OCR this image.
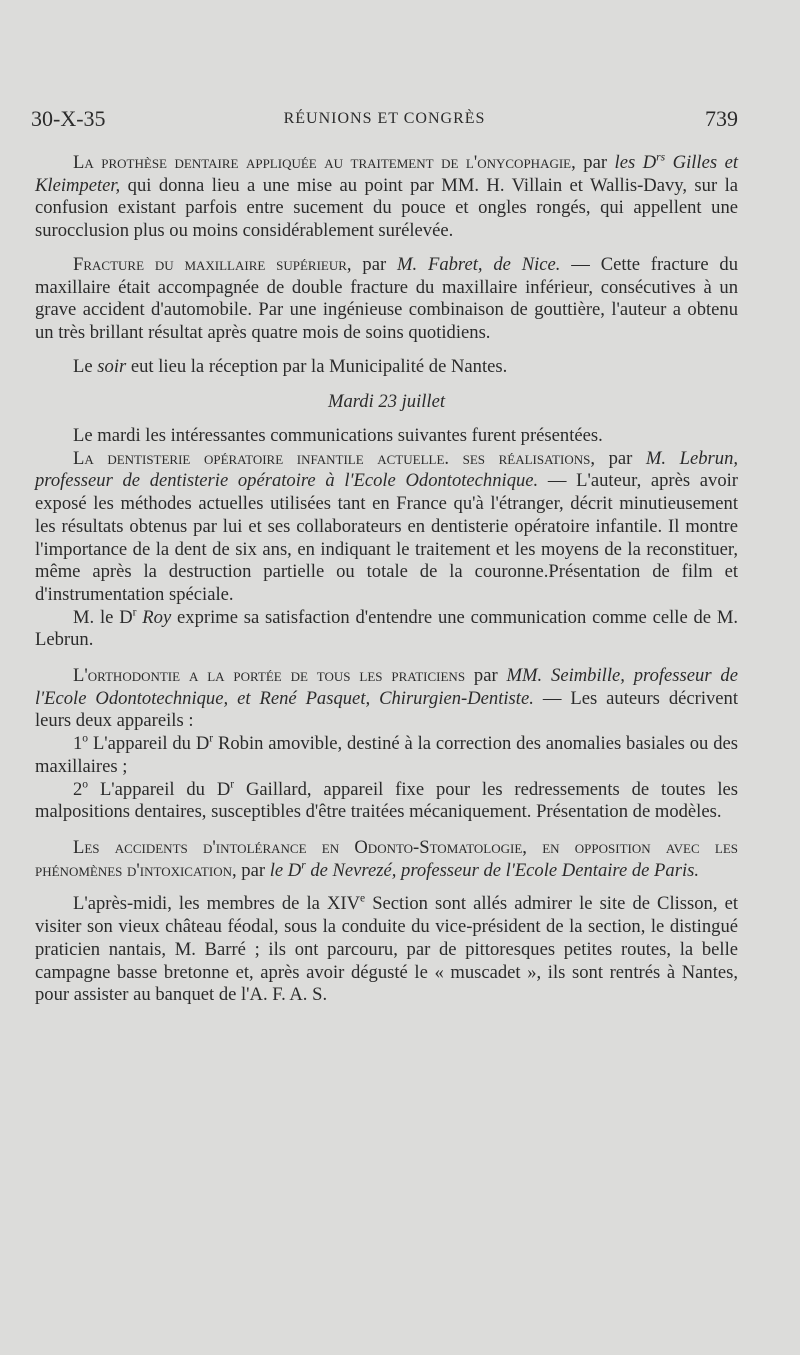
30-X-35	RÉUNIONS ET CONGRÈS	739

La prothèse dentaire appliquée au traitement de l'onycophagie, par les $D^{rs}$ Gilles et Kleimpeter, qui donna lieu a une mise au point par MM. H. Villain et Wallis-Davy, sur la confusion existant parfois entre sucement du pouce et ongles rongés, qui appellent une surocclusion plus ou moins considérablement surélevée.

Fracture du maxillaire supérieur, par M. Fabret, de Nice. — Cette fracture du maxillaire était accompagnée de double fracture du maxillaire inférieur, consécutives à un grave accident d'automobile. Par une ingénieuse combinaison de gouttière, l'auteur a obtenu un très brillant résultat après quatre mois de soins quotidiens.

Le soir eut lieu la réception par la Municipalité de Nantes.

Mardi 23 juillet

Le mardi les intéressantes communications suivantes furent présentées.

La dentisterie opératoire infantile actuelle. ses réalisations, par M. Lebrun, professeur de dentisterie opératoire à l'Ecole Odontotechnique. — L'auteur, après avoir exposé les méthodes actuelles utilisées tant en France qu'à l'étranger, décrit minutieusement les résultats obtenus par lui et ses collaborateurs en dentisterie opératoire infantile. Il montre l'importance de la dent de six ans, en indiquant le traitement et les moyens de la reconstituer, même après la destruction partielle ou totale de la couronne.Présentation de film et d'instrumentation spéciale.

M. le $D^r$ Roy exprime sa satisfaction d'entendre une communication comme celle de M. Lebrun.

L'orthodontie a la portée de tous les praticiens par MM. Seimbille, professeur de l'Ecole Odontotechnique, et René Pasquet, Chirurgien-Dentiste. — Les auteurs décrivent leurs deux appareils :

1$^o$ L'appareil du $D^r$ Robin amovible, destiné à la correction des anomalies basiales ou des maxillaires ;

2$^o$ L'appareil du $D^r$ Gaillard, appareil fixe pour les redressements de toutes les malpositions dentaires, susceptibles d'être traitées mécaniquement. Présentation de modèles.

Les accidents d'intolérance en Odonto-Stomatologie, en opposition avec les phénomènes d'intoxication, par le $D^r$ de Nevrezé, professeur de l'Ecole Dentaire de Paris.

L'après-midi, les membres de la XIVe Section sont allés admirer le site de Clisson, et visiter son vieux château féodal, sous la conduite du vice-président de la section, le distingué praticien nantais, M. Barré ; ils ont parcouru, par de pittoresques petites routes, la belle campagne basse bretonne et, après avoir dégusté le « muscadet », ils sont rentrés à Nantes, pour assister au banquet de l'A. F. A. S.
